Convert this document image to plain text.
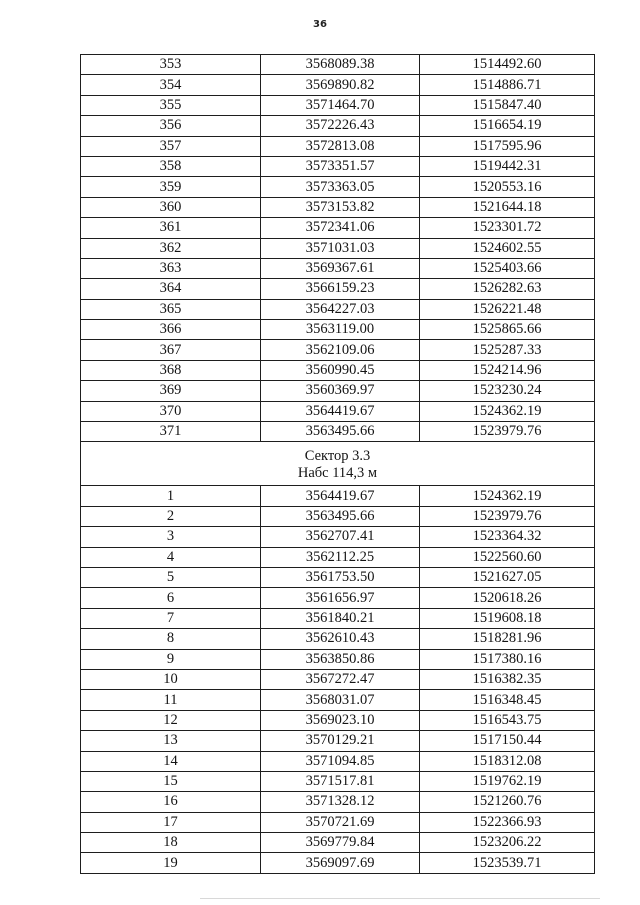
36
353	3568089.38	1514492.60
354	3569890.82	1514886.71
355	3571464.70	1515847.40
356	3572226.43	1516654.19
357	3572813.08	1517595.96
358	3573351.57	1519442.31
359	3573363.05	1520553.16
360	3573153.82	1521644.18
361	3572341.06	1523301.72
362	3571031.03	1524602.55
363	3569367.61	1525403.66
364	3566159.23	1526282.63
365	3564227.03	1526221.48
366	3563119.00	1525865.66
367	3562109.06	1525287.33
368	3560990.45	1524214.96
369	3560369.97	1523230.24
370	3564419.67	1524362.19
371	3563495.66	1523979.76

Сектор 3.3
Набс 114,3 м		

1	3564419.67	1524362.19
2	3563495.66	1523979.76
3	3562707.41	1523364.32
4	3562112.25	1522560.60
5	3561753.50	1521627.05
6	3561656.97	1520618.26
7	3561840.21	1519608.18
8	3562610.43	1518281.96
9	3563850.86	1517380.16
10	3567272.47	1516382.35
11	3568031.07	1516348.45
12	3569023.10	1516543.75
13	3570129.21	1517150.44
14	3571094.85	1518312.08
15	3571517.81	1519762.19
16	3571328.12	1521260.76
17	3570721.69	1522366.93
18	3569779.84	1523206.22
19	3569097.69	1523539.71
